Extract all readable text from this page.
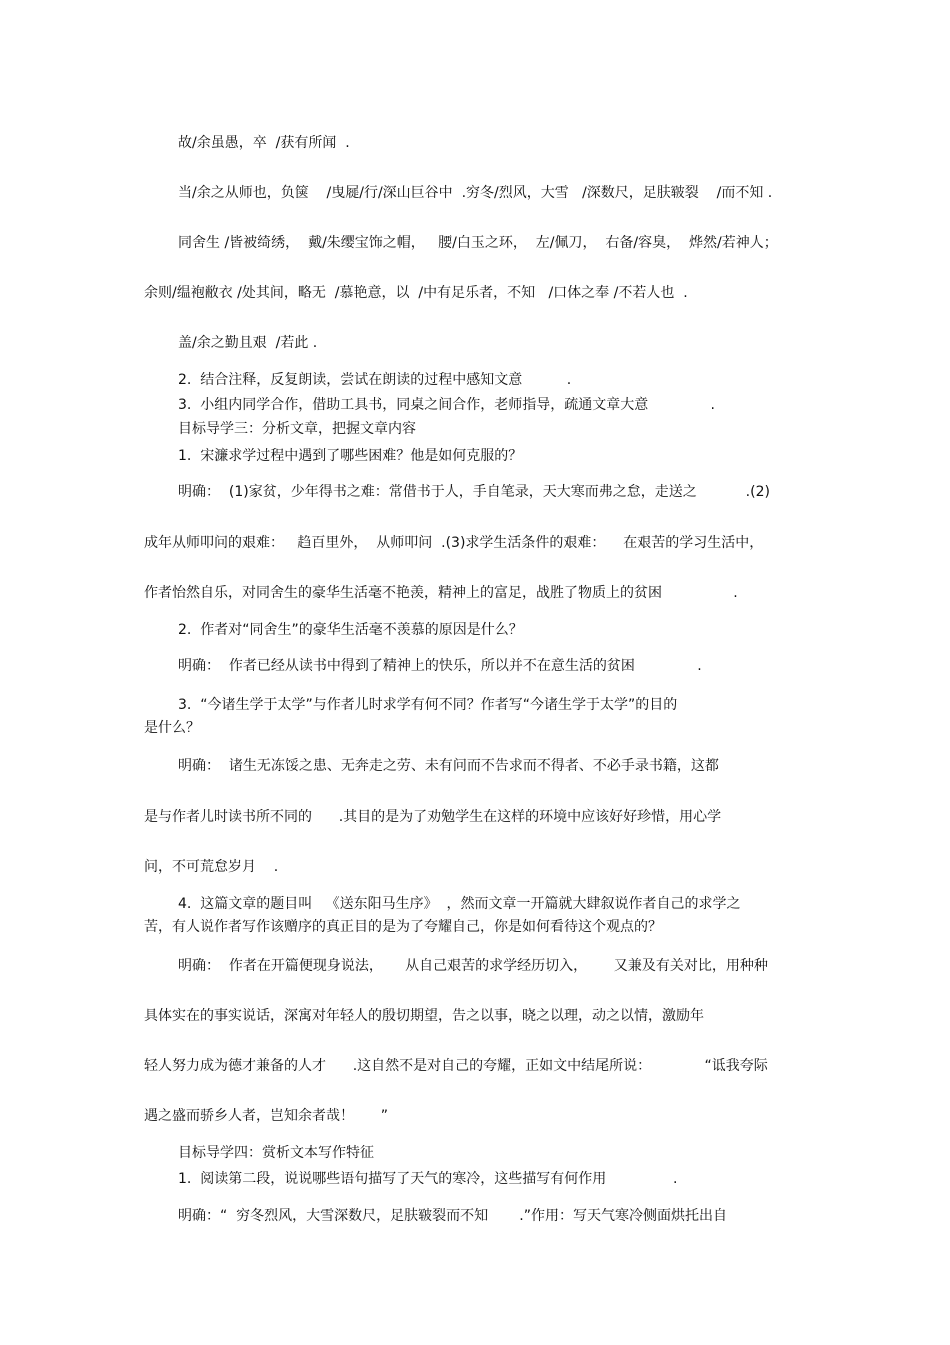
故/余虽愚，卒  /获有所闻  .

当/余之从师也，负箧    /曳屣/行/深山巨谷中  .穷冬/烈风，大雪   /深数尺，足肤皲裂    /而不知 .

同舍生 /皆被绮绣，  戴/朱缨宝饰之帽，   腰/白玉之环，  左/佩刀，  右备/容臭，  烨然/若神人；

余则/缊袍敝衣 /处其间，略无  /慕艳意，以  /中有足乐者，不知   /口体之奉 /不若人也  .

盖/余之勤且艰  /若此 .

2.  结合注释，反复朗读，尝试在朗读的过程中感知文意          .

3.  小组内同学合作，借助工具书，同桌之间合作，老师指导，疏通文章大意              .

目标导学三：分析文章，把握文章内容

1.  宋濂求学过程中遇到了哪些困难？他是如何克服的？

明确：  (1)家贫，少年得书之难：常借书于人，手自笔录，天大寒而弗之怠，走送之           .(2)

成年从师叩问的艰难：   趋百里外，  从师叩问  .(3)求学生活条件的艰难：    在艰苦的学习生活中，

作者怡然自乐，对同舍生的豪华生活毫不艳羡，精神上的富足，战胜了物质上的贫困                .

2.  作者对“同舍生”的豪华生活毫不羡慕的原因是什么？

明确：  作者已经从读书中得到了精神上的快乐，所以并不在意生活的贫困              .

3.  “今诸生学于太学”与作者儿时求学有何不同？作者写“今诸生学于太学”的目的

是什么？

明确：  诸生无冻馁之患、无奔走之劳、未有问而不告求而不得者、不必手录书籍，这都

是与作者儿时读书所不同的      .其目的是为了劝勉学生在这样的环境中应该好好珍惜，用心学

问，不可荒怠岁月    .

4.  这篇文章的题目叫   《送东阳马生序》  ，然而文章一开篇就大肆叙说作者自己的求学之

苦，有人说作者写作该赠序的真正目的是为了夸耀自己，你是如何看待这个观点的？

明确：  作者在开篇便现身说法，     从自己艰苦的求学经历切入，      又兼及有关对比，用种种

具体实在的事实说话，深寓对年轻人的殷切期望，告之以事，晓之以理，动之以情，激励年

轻人努力成为德才兼备的人才      .这自然不是对自己的夸耀，正如文中结尾所说：            “诋我夸际

遇之盛而骄乡人者，岂知余者哉！      ”

目标导学四：赏析文本写作特征

1.  阅读第二段，说说哪些语句描写了天气的寒冷，这些描写有何作用               .

明确：“  穷冬烈风，大雪深数尺，足肤皲裂而不知       .”作用：写天气寒冷侧面烘托出自
